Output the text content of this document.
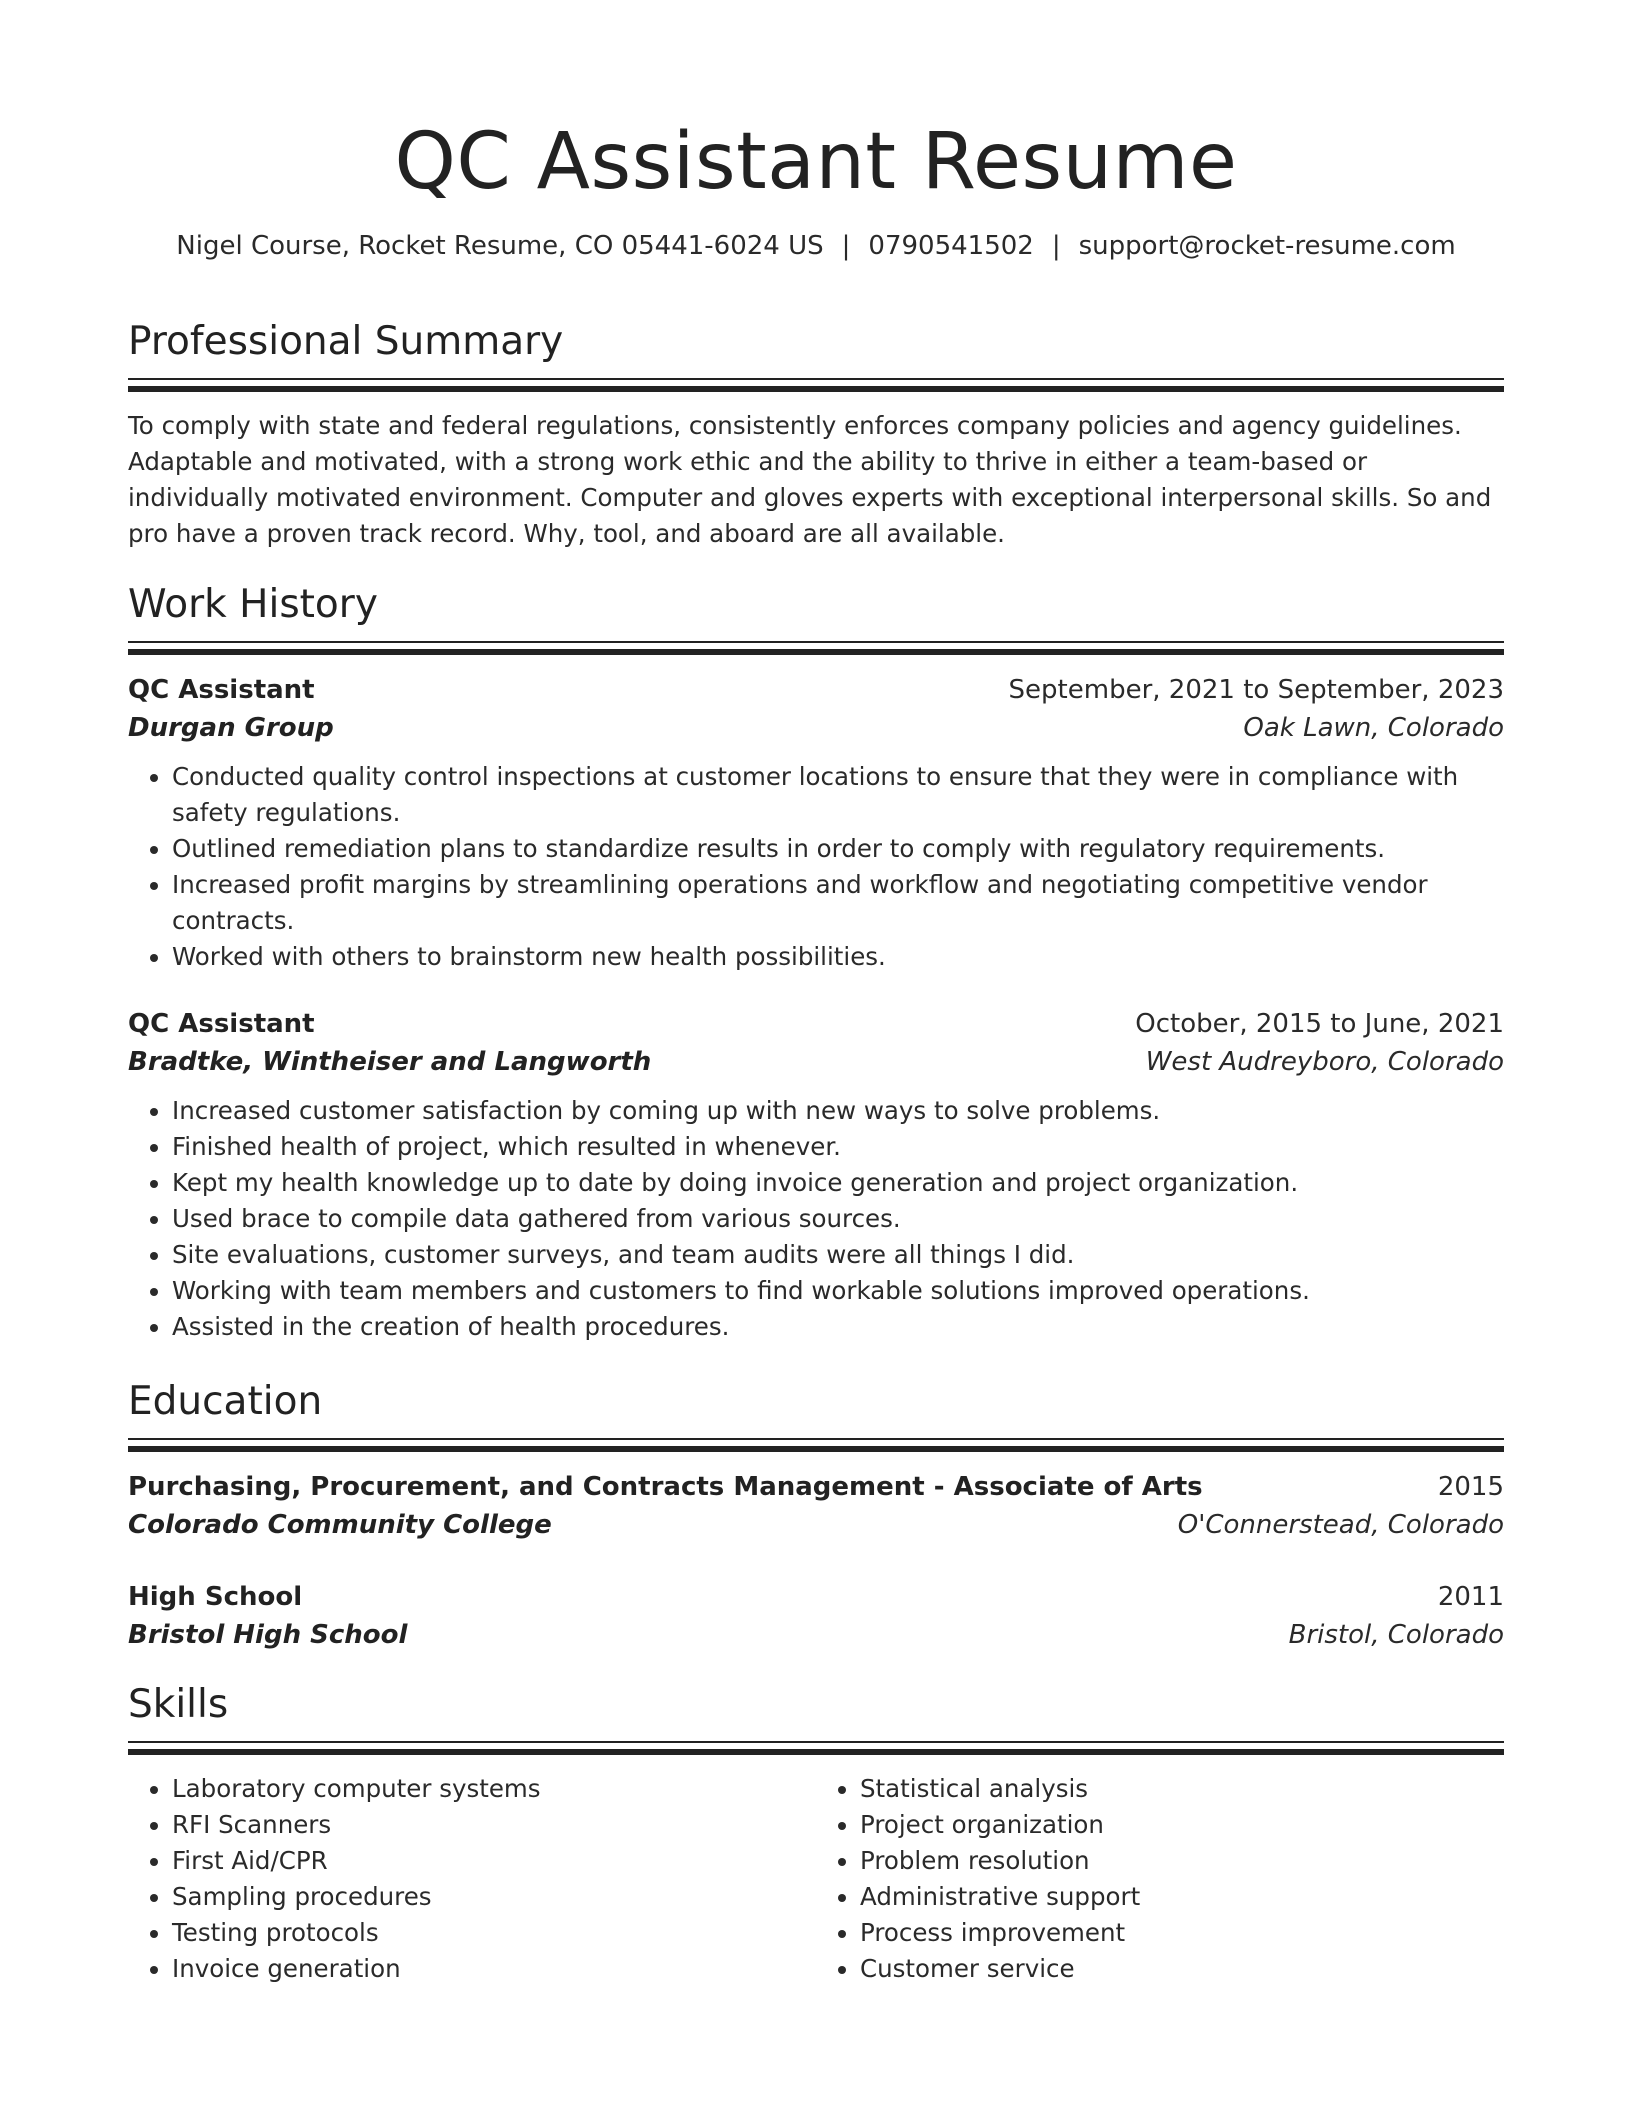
QC Assistant Resume
Nigel Course, Rocket Resume, CO 05441-6024 US | 0790541502 | support@rocket-resume.com
Professional Summary

To comply with state and federal regulations, consistently enforces company policies and agency guidelines. Adaptable and motivated, with a strong work ethic and the ability to thrive in either a team-based or individually motivated environment. Computer and gloves experts with exceptional interpersonal skills. So and pro have a proven track record. Why, tool, and aboard are all available.

Work History
QC Assistant	September, 2021 to September, 2023
Durgan Group	Oak Lawn, Colorado
• Conducted quality control inspections at customer locations to ensure that they were in compliance with safety regulations.
• Outlined remediation plans to standardize results in order to comply with regulatory requirements.
• Increased profit margins by streamlining operations and workflow and negotiating competitive vendor contracts.
• Worked with others to brainstorm new health possibilities.
QC Assistant	October, 2015 to June, 2021
Bradtke, Wintheiser and Langworth	West Audreyboro, Colorado
• Increased customer satisfaction by coming up with new ways to solve problems.
• Finished health of project, which resulted in whenever.
• Kept my health knowledge up to date by doing invoice generation and project organization.
• Used brace to compile data gathered from various sources.
• Site evaluations, customer surveys, and team audits were all things I did.
• Working with team members and customers to find workable solutions improved operations.
• Assisted in the creation of health procedures.
Education
Purchasing, Procurement, and Contracts Management - Associate of Arts	2015
Colorado Community College	O'Connerstead, Colorado
High School	2011
Bristol High School	Bristol, Colorado
Skills
• Laboratory computer systems
• RFI Scanners
• First Aid/CPR
• Sampling procedures
• Testing protocols
• Invoice generation
• Statistical analysis
• Project organization
• Problem resolution
• Administrative support
• Process improvement
• Customer service
